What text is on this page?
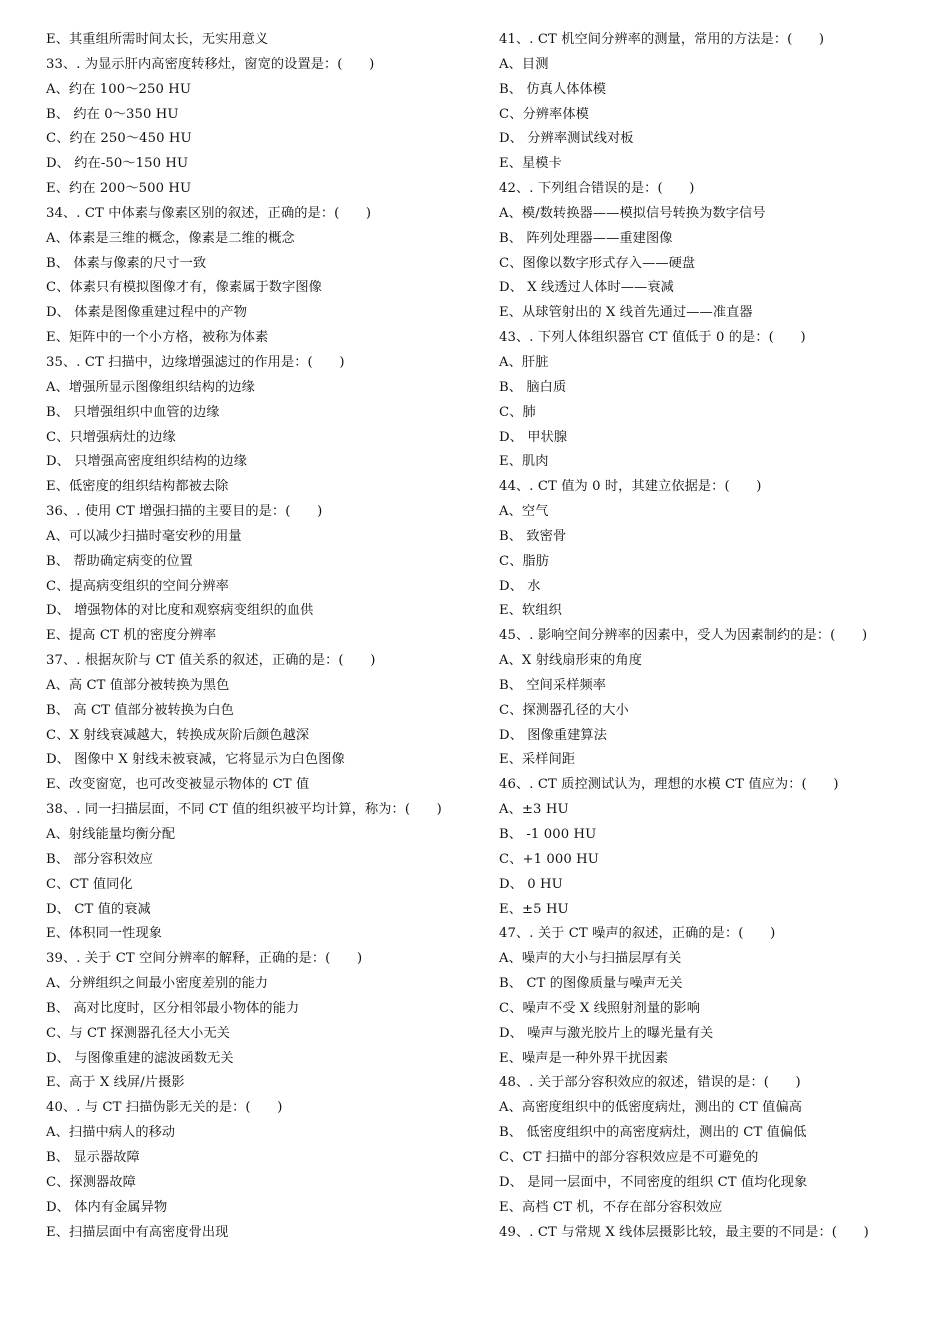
E、其重组所需时间太长，无实用意义
33、. 为显示肝内高密度转移灶，窗宽的设置是：(　　)
A、约在 100～250 HU
B、 约在 0～350 HU
C、约在 250～450 HU
D、 约在-50～150 HU
E、约在 200～500 HU
34、. CT 中体素与像素区别的叙述，正确的是：(　　)
A、体素是三维的概念，像素是二维的概念
B、 体素与像素的尺寸一致
C、体素只有模拟图像才有，像素属于数字图像
D、 体素是图像重建过程中的产物
E、矩阵中的一个小方格，被称为体素
35、. CT 扫描中，边缘增强滤过的作用是：(　　)
A、增强所显示图像组织结构的边缘
B、 只增强组织中血管的边缘
C、只增强病灶的边缘
D、 只增强高密度组织结构的边缘
E、低密度的组织结构都被去除
36、. 使用 CT 增强扫描的主要目的是：(　　)
A、可以减少扫描时毫安秒的用量
B、 帮助确定病变的位置
C、提高病变组织的空间分辨率
D、 增强物体的对比度和观察病变组织的血供
E、提高 CT 机的密度分辨率
37、. 根据灰阶与 CT 值关系的叙述，正确的是：(　　)
A、高 CT 值部分被转换为黑色
B、 高 CT 值部分被转换为白色
C、X 射线衰减越大，转换成灰阶后颜色越深
D、 图像中 X 射线未被衰减，它将显示为白色图像
E、改变窗宽，也可改变被显示物体的 CT 值
38、. 同一扫描层面，不同 CT 值的组织被平均计算，称为：(　　)
A、射线能量均衡分配
B、 部分容积效应
C、CT 值同化
D、 CT 值的衰减
E、体积同一性现象
39、. 关于 CT 空间分辨率的解释，正确的是：(　　)
A、分辨组织之间最小密度差别的能力
B、 高对比度时，区分相邻最小物体的能力
C、与 CT 探测器孔径大小无关
D、 与图像重建的滤波函数无关
E、高于 X 线屏/片摄影
40、. 与 CT 扫描伪影无关的是：(　　)
A、扫描中病人的移动
B、 显示器故障
C、探测器故障
D、 体内有金属异物
E、扫描层面中有高密度骨出现
41、. CT 机空间分辨率的测量，常用的方法是：(　　)
A、目测
B、 仿真人体体模
C、分辨率体模
D、 分辨率测试线对板
E、星模卡
42、. 下列组合错误的是：(　　)
A、模/数转换器——模拟信号转换为数字信号
B、 阵列处理器——重建图像
C、图像以数字形式存入——硬盘
D、 X 线透过人体时——衰减
E、从球管射出的 X 线首先通过——准直器
43、. 下列人体组织器官 CT 值低于 0 的是：(　　)
A、肝脏
B、 脑白质
C、肺
D、 甲状腺
E、肌肉
44、. CT 值为 0 时，其建立依据是：(　　)
A、空气
B、 致密骨
C、脂肪
D、 水
E、软组织
45、. 影响空间分辨率的因素中，受人为因素制约的是：(　　)
A、X 射线扇形束的角度
B、 空间采样频率
C、探测器孔径的大小
D、 图像重建算法
E、采样间距
46、. CT 质控测试认为，理想的水模 CT 值应为：(　　)
A、±3 HU
B、 -1 000 HU
C、+1 000 HU
D、 0 HU
E、±5 HU
47、. 关于 CT 噪声的叙述，正确的是：(　　)
A、噪声的大小与扫描层厚有关
B、 CT 的图像质量与噪声无关
C、噪声不受 X 线照射剂量的影响
D、 噪声与激光胶片上的曝光量有关
E、噪声是一种外界干扰因素
48、. 关于部分容积效应的叙述，错误的是：(　　)
A、高密度组织中的低密度病灶，测出的 CT 值偏高
B、 低密度组织中的高密度病灶，测出的 CT 值偏低
C、CT 扫描中的部分容积效应是不可避免的
D、 是同一层面中，不同密度的组织 CT 值均化现象
E、高档 CT 机，不存在部分容积效应
49、. CT 与常规 X 线体层摄影比较，最主要的不同是：(　　)
